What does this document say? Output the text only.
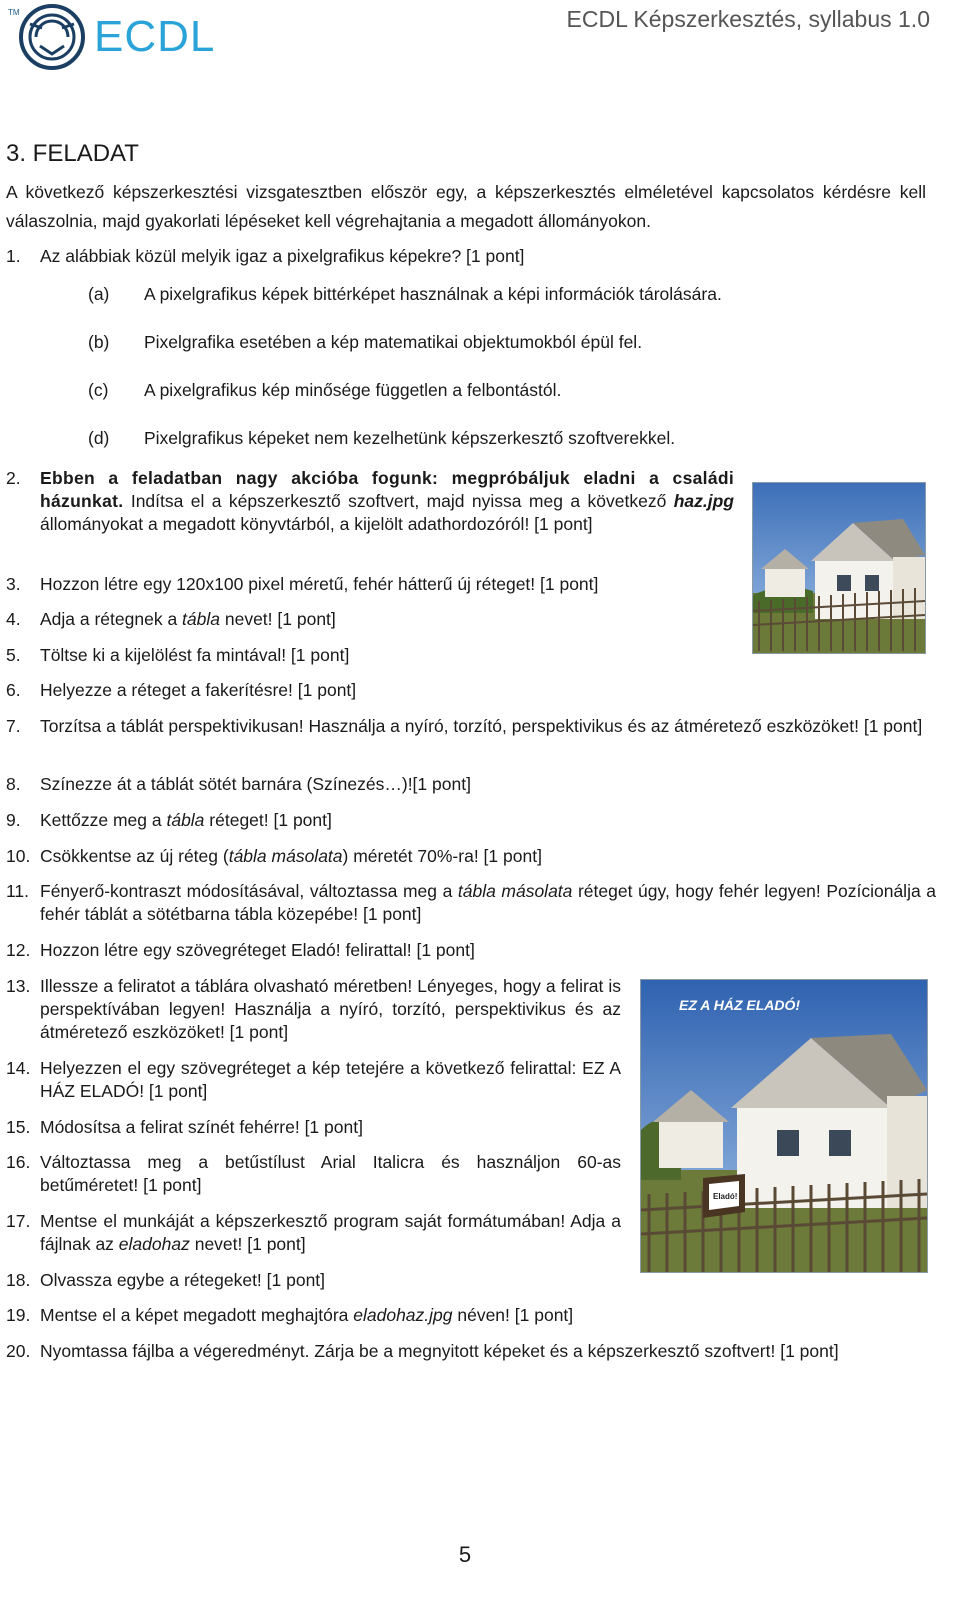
TM ECDL	ECDL Képszerkesztés, syllabus 1.0
3. FELADAT
A következő képszerkesztési vizsgatesztben először egy, a képszerkesztés elméletével kapcsolatos kérdésre kell válaszolnia, majd gyakorlati lépéseket kell végrehajtania a megadott állományokon.
1.	Az alábbiak közül melyik igaz a pixelgrafikus képekre? [1 pont]
(a) A pixelgrafikus képek bittérképet használnak a képi információk tárolására.
(b) Pixelgrafika esetében a kép matematikai objektumokból épül fel.
(c) A pixelgrafikus kép minősége független a felbontástól.
(d) Pixelgrafikus képeket nem kezelhetünk képszerkesztő szoftverekkel.
2.	Ebben a feladatban nagy akcióba fogunk: megpróbáljuk eladni a családi házunkat. Indítsa el a képszerkesztő szoftvert, majd nyissa meg a következő haz.jpg állományokat a megadott könyvtárból, a kijelölt adathordozóról! [1 pont]
3.	Hozzon létre egy 120x100 pixel méretű, fehér hátterű új réteget! [1 pont]
4.	Adja a rétegnek a tábla nevet! [1 pont]
5.	Töltse ki a kijelölést fa mintával! [1 pont]
6.	Helyezze a réteget a fakerítésre! [1 pont]
7.	Torzítsa a táblát perspektivikusan! Használja a nyíró, torzító, perspektivikus és az átméretező eszközöket! [1 pont]
8.	Színezze át a táblát sötét barnára (Színezés…)![1 pont]
9.	Kettőzze meg a tábla réteget! [1 pont]
10. Csökkentse az új réteg (tábla másolata) méretét 70%-ra! [1 pont]
11. Fényerő-kontraszt módosításával, változtassa meg a tábla másolata réteget úgy, hogy fehér legyen! Pozícionálja a fehér táblát a sötétbarna tábla közepébe! [1 pont]
12. Hozzon létre egy szövegréteget Eladó! felirattal! [1 pont]
13. Illessze a feliratot a táblára olvasható méretben! Lényeges, hogy a felirat is perspektívában legyen! Használja a nyíró, torzító, perspektivikus és az átméretező eszközöket! [1 pont]
14. Helyezzen el egy szövegréteget a kép tetejére a következő felirattal: EZ A HÁZ ELADÓ! [1 pont]
15. Módosítsa a felirat színét fehérre! [1 pont]
16. Változtassa meg a betűstílust Arial Italicra és használjon 60-as betűméretet! [1 pont]
17. Mentse el munkáját a képszerkesztő program saját formátumában! Adja a fájlnak az eladohaz nevet! [1 pont]
Eladó!
EZ A HÁZ ELADÓ!
18. Olvassza egybe a rétegeket! [1 pont]
19. Mentse el a képet megadott meghajtóra eladohaz.jpg néven! [1 pont]
20. Nyomtassa fájlba a végeredményt. Zárja be a megnyitott képeket és a képszerkesztő szoftvert! [1 pont]
5
